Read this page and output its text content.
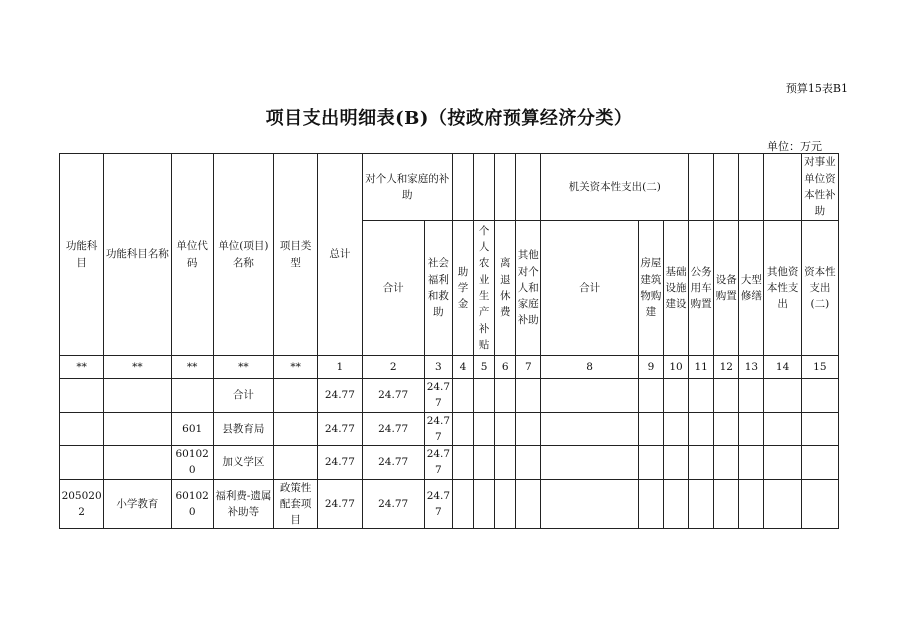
预算15表B1
项目支出明细表(B)（按政府预算经济分类）
单位：万元
功能科目	功能科目名称	单位代码	单位(项目)名称	项目类型	总计	对个人和家庭的补助						机关资本性支出(二)							对事业单位资本性补助
						合计	社会福利和救助	助学金	个人农业生产补贴	离退休费	其他对个人和家庭补助	合计	房屋建筑物购建	基础设施建设	公务用车购置	设备购置	大型修缮	其他资本性支出	资本性支出(二)
**	**	**	**	**	1	2	3	4	5	6	7	8	9	10	11	12	13	14	15
			合计		24.77	24.77	24.77												
		601	县教育局		24.77	24.77	24.77												
		601020	加义学区		24.77	24.77	24.77												
2050202	小学教育	601020	福利费-遗属补助等	政策性配套项目	24.77	24.77	24.77												
